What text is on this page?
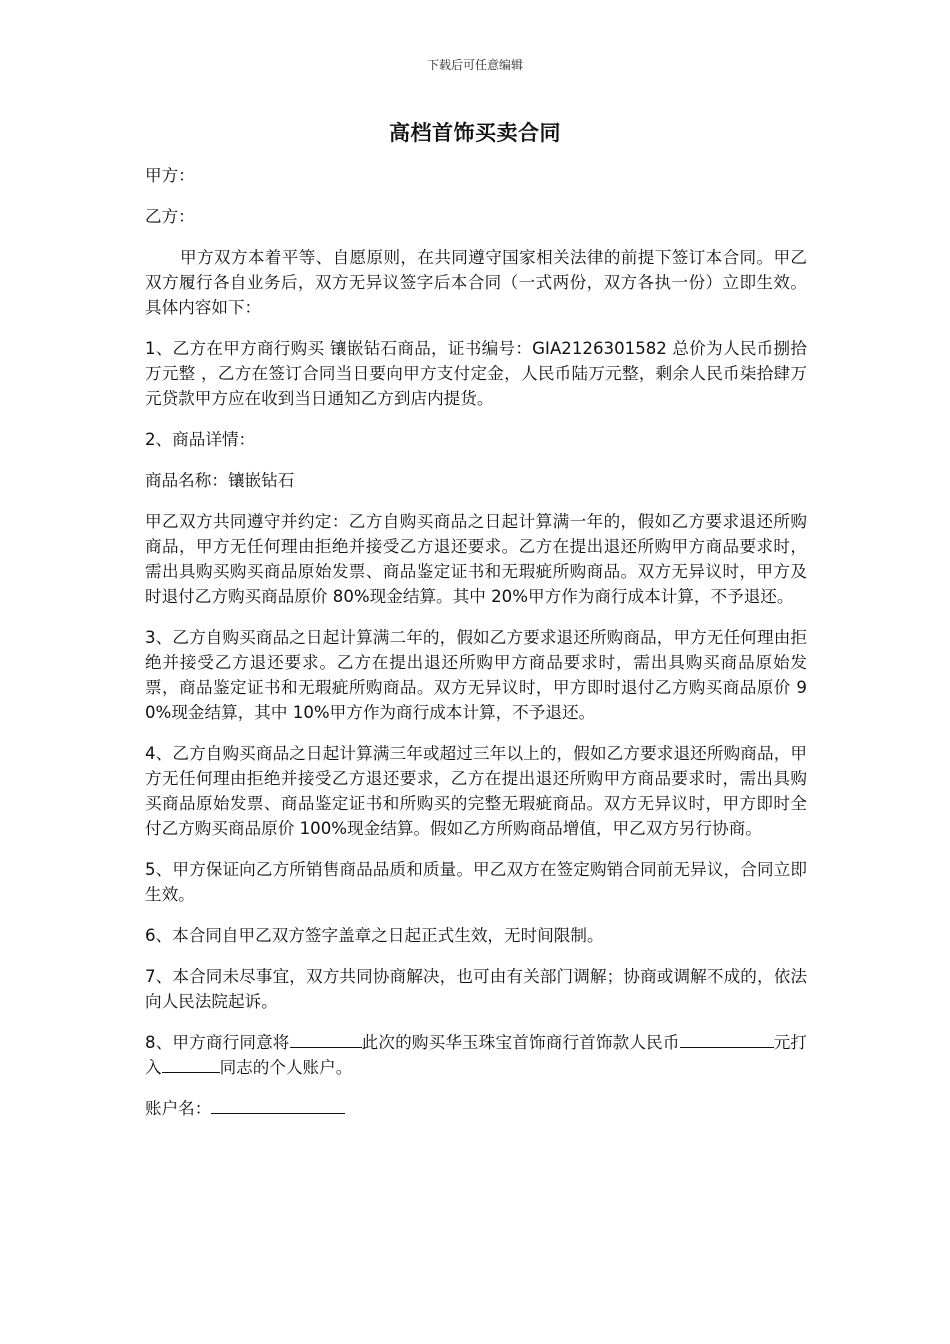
下载后可任意编辑
高档首饰买卖合同

甲方：

乙方：

甲方双方本着平等、自愿原则，在共同遵守国家相关法律的前提下签订本合同。甲乙双方履行各自业务后，双方无异议签字后本合同（一式两份，双方各执一份）立即生效。具体内容如下：

1、乙方在甲方商行购买 镶嵌钻石商品，证书编号：GIA2126301582 总价为人民币捌拾万元整 ，乙方在签订合同当日要向甲方支付定金，人民币陆万元整，剩余人民币柒拾肆万元贷款甲方应在收到当日通知乙方到店内提货。

2、商品详情：

商品名称：镶嵌钻石

甲乙双方共同遵守并约定：乙方自购买商品之日起计算满一年的，假如乙方要求退还所购商品，甲方无任何理由拒绝并接受乙方退还要求。乙方在提出退还所购甲方商品要求时，需出具购买购买商品原始发票、商品鉴定证书和无瑕疵所购商品。双方无异议时，甲方及时退付乙方购买商品原价 80%现金结算。其中 20%甲方作为商行成本计算，不予退还。

3、乙方自购买商品之日起计算满二年的，假如乙方要求退还所购商品，甲方无任何理由拒绝并接受乙方退还要求。乙方在提出退还所购甲方商品要求时，需出具购买商品原始发票，商品鉴定证书和无瑕疵所购商品。双方无异议时，甲方即时退付乙方购买商品原价 90%现金结算，其中 10%甲方作为商行成本计算，不予退还。

4、乙方自购买商品之日起计算满三年或超过三年以上的，假如乙方要求退还所购商品，甲方无任何理由拒绝并接受乙方退还要求，乙方在提出退还所购甲方商品要求时，需出具购买商品原始发票、商品鉴定证书和所购买的完整无瑕疵商品。双方无异议时，甲方即时全付乙方购买商品原价 100%现金结算。假如乙方所购商品增值，甲乙双方另行协商。

5、甲方保证向乙方所销售商品品质和质量。甲乙双方在签定购销合同前无异议，合同立即生效。

6、本合同自甲乙双方签字盖章之日起正式生效，无时间限制。

7、本合同未尽事宜，双方共同协商解决，也可由有关部门调解；协商或调解不成的，依法向人民法院起诉。

8、甲方商行同意将	此次的购买华玉珠宝首饰商行首饰款人民币	元打入	同志的个人账户。

账户名：
